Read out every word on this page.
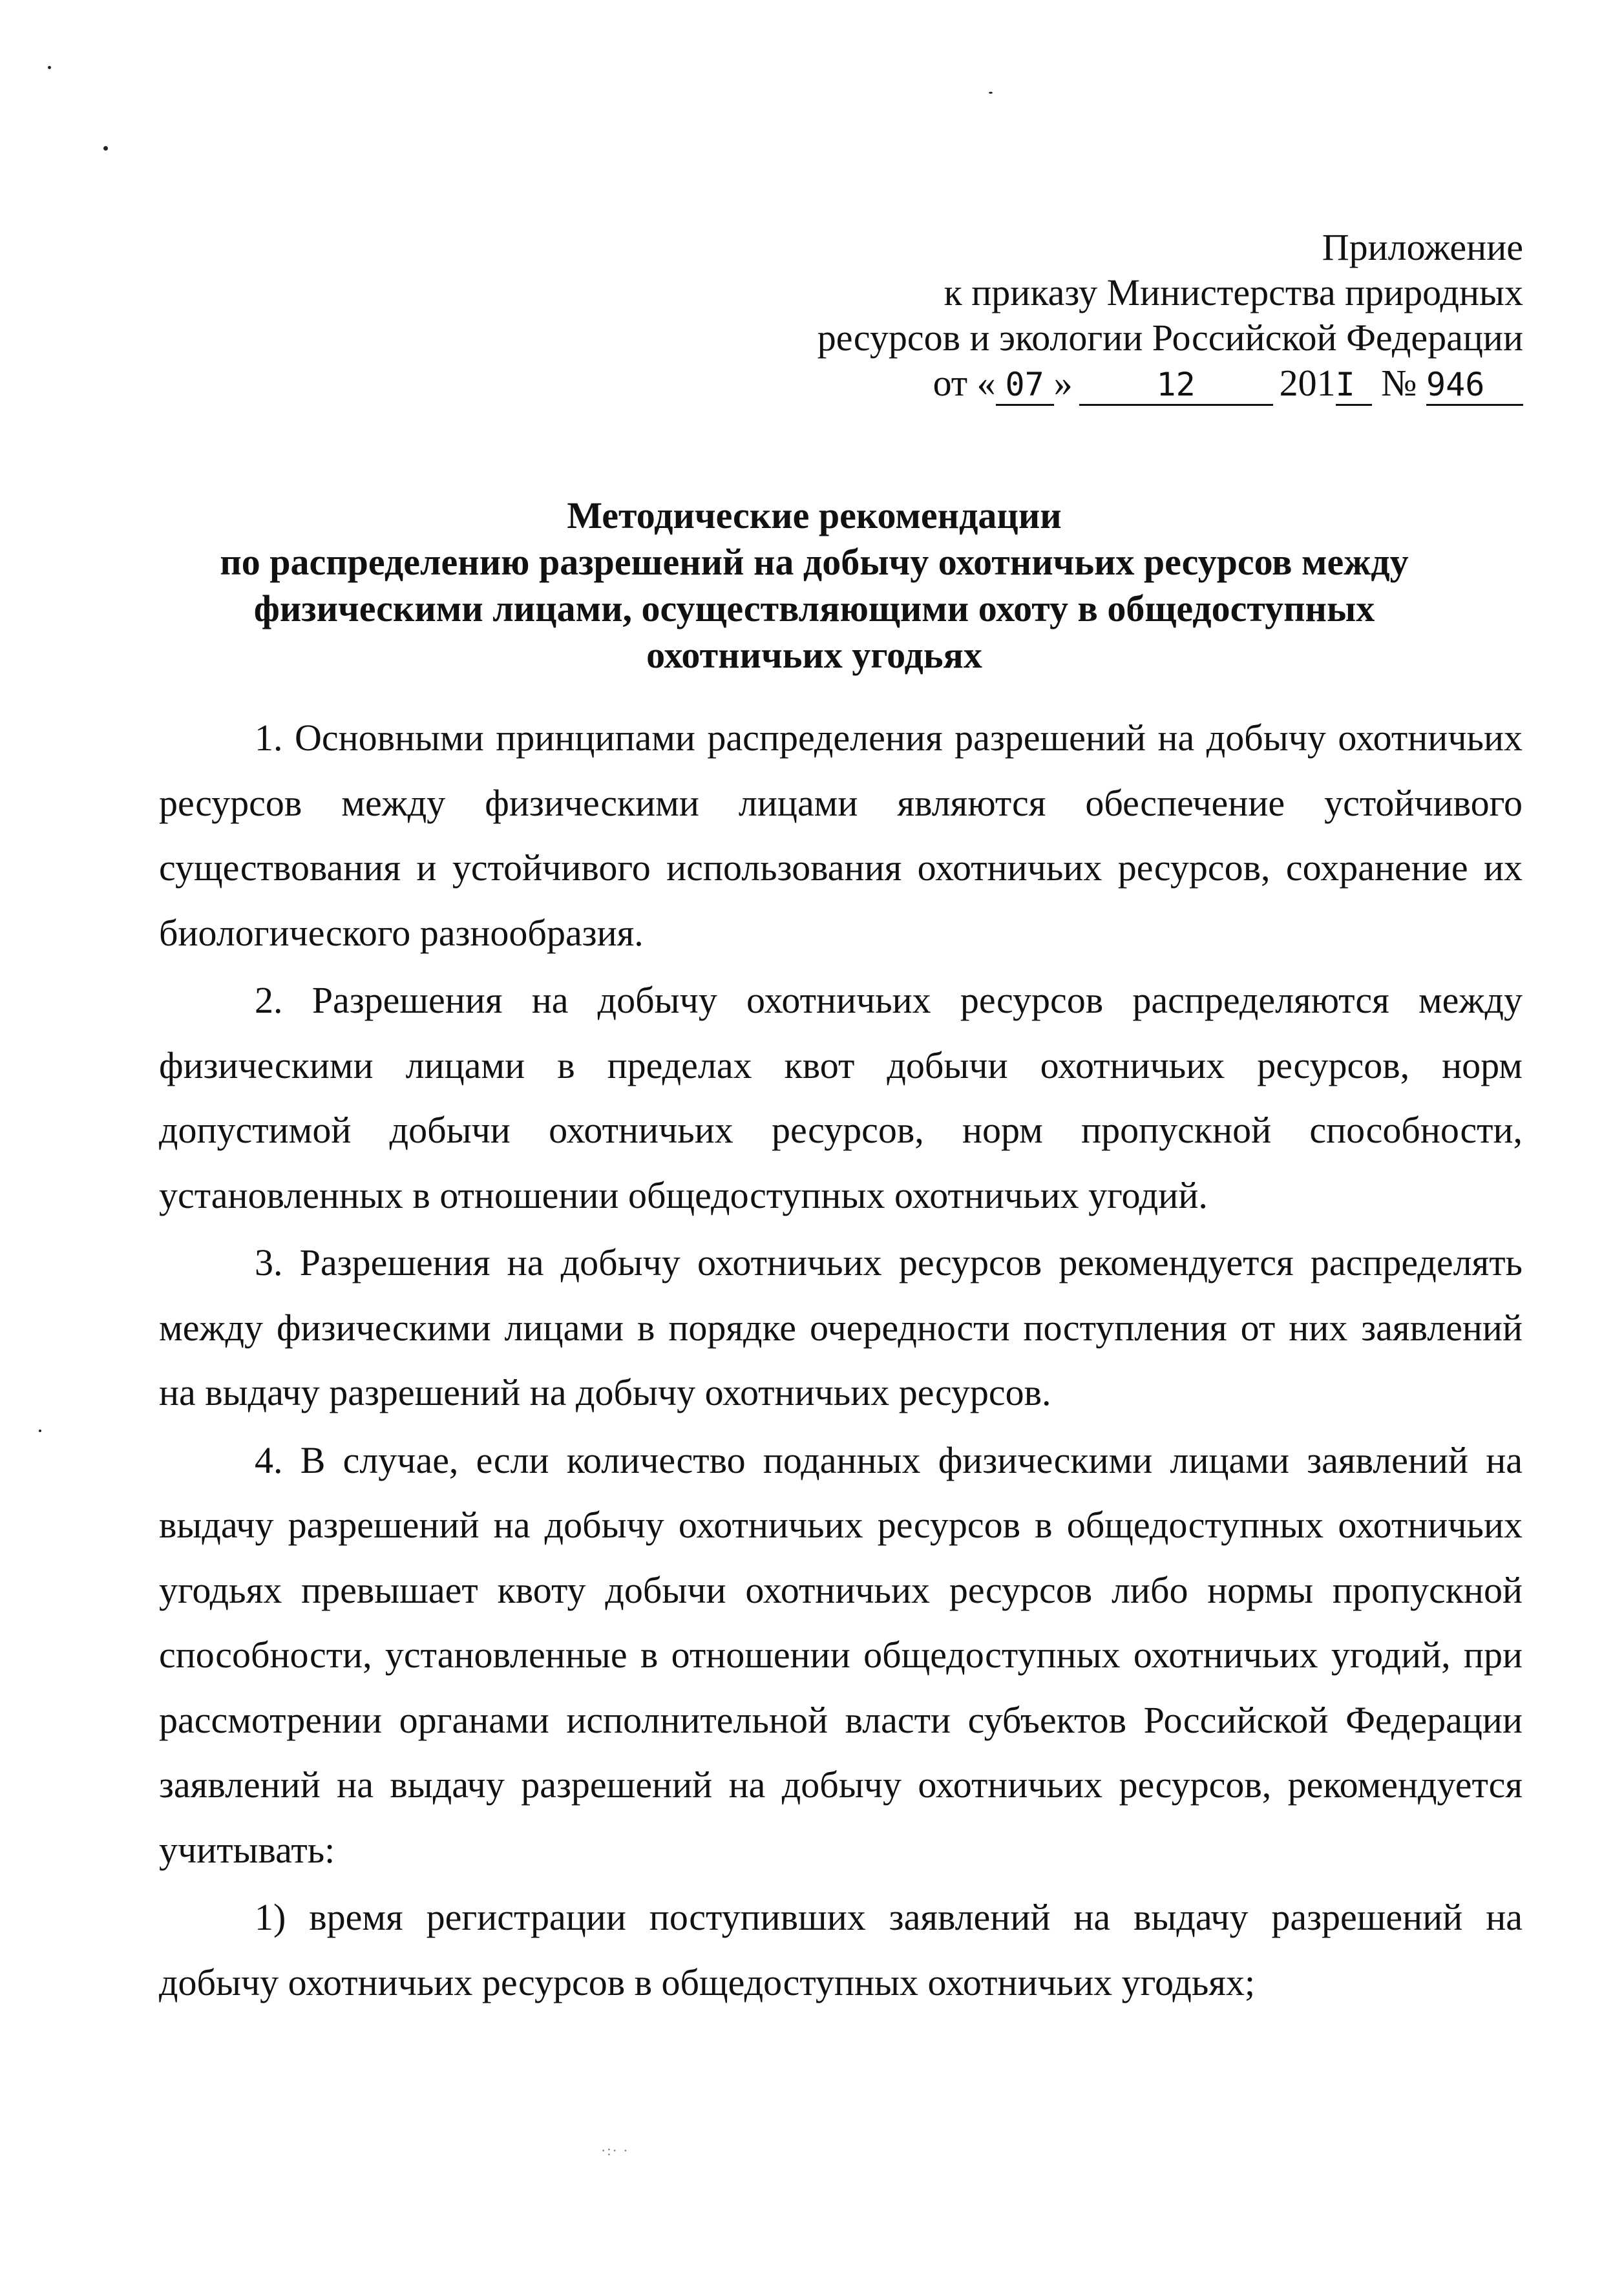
Приложение
к приказу Министерства природных
ресурсов и экологии Российской Федерации
от « 07 »	12 201I № 946
Методические рекомендации
по распределению разрешений на добычу охотничьих ресурсов между
физическими лицами, осуществляющими охоту в общедоступных
охотничьих угодьях

1. Основными принципами распределения разрешений на добычу охотничьих ресурсов между физическими лицами являются обеспечение устойчивого существования и устойчивого использования охотничьих ресурсов, сохранение их биологического разнообразия.

2. Разрешения на добычу охотничьих ресурсов распределяются между физическими лицами в пределах квот добычи охотничьих ресурсов, норм допустимой добычи охотничьих ресурсов, норм пропускной способности, установленных в отношении общедоступных охотничьих угодий.

3. Разрешения на добычу охотничьих ресурсов рекомендуется распределять между физическими лицами в порядке очередности поступления от них заявлений на выдачу разрешений на добычу охотничьих ресурсов.

4. В случае, если количество поданных физическими лицами заявлений на выдачу разрешений на добычу охотничьих ресурсов в общедоступных охотничьих угодьях превышает квоту добычи охотничьих ресурсов либо нормы пропускной способности, установленные в отношении общедоступных охотничьих угодий, при рассмотрении органами исполнительной власти субъектов Российской Федерации заявлений на выдачу разрешений на добычу охотничьих ресурсов, рекомендуется учитывать:

1) время регистрации поступивших заявлений на выдачу разрешений на добычу охотничьих ресурсов в общедоступных охотничьих угодьях;

·:· ·
